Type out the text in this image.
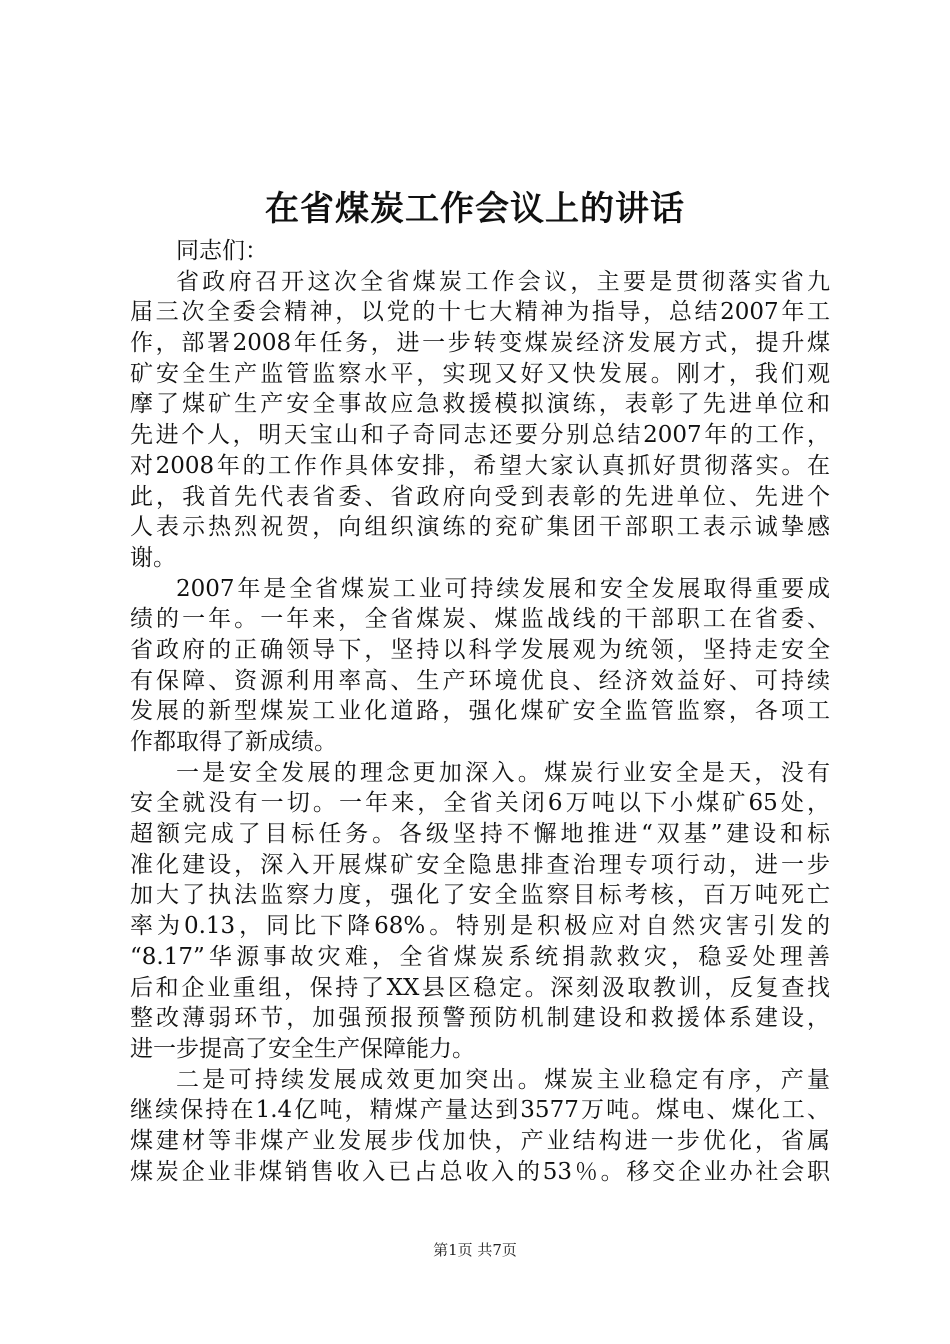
在省煤炭工作会议上的讲话
同志们：
省政府召开这次全省煤炭工作会议，主要是贯彻落实省九
届三次全委会精神，以党的十七大精神为指导，总结2007年工
作，部署2008年任务，进一步转变煤炭经济发展方式，提升煤
矿安全生产监管监察水平，实现又好又快发展。刚才，我们观
摩了煤矿生产安全事故应急救援模拟演练，表彰了先进单位和
先进个人，明天宝山和子奇同志还要分别总结2007年的工作，
对2008年的工作作具体安排，希望大家认真抓好贯彻落实。在
此，我首先代表省委、省政府向受到表彰的先进单位、先进个
人表示热烈祝贺，向组织演练的兖矿集团干部职工表示诚挚感
谢。
2007年是全省煤炭工业可持续发展和安全发展取得重要成
绩的一年。一年来，全省煤炭、煤监战线的干部职工在省委、
省政府的正确领导下，坚持以科学发展观为统领，坚持走安全
有保障、资源利用率高、生产环境优良、经济效益好、可持续
发展的新型煤炭工业化道路，强化煤矿安全监管监察，各项工
作都取得了新成绩。
一是安全发展的理念更加深入。煤炭行业安全是天，没有
安全就没有一切。一年来，全省关闭6万吨以下小煤矿65处，
超额完成了目标任务。各级坚持不懈地推进“双基”建设和标
准化建设，深入开展煤矿安全隐患排查治理专项行动，进一步
加大了执法监察力度，强化了安全监察目标考核，百万吨死亡
率为0.13，同比下降68%。特别是积极应对自然灾害引发的
“8.17”华源事故灾难，全省煤炭系统捐款救灾，稳妥处理善
后和企业重组，保持了XX县区稳定。深刻汲取教训，反复查找
整改薄弱环节，加强预报预警预防机制建设和救援体系建设，
进一步提高了安全生产保障能力。
二是可持续发展成效更加突出。煤炭主业稳定有序，产量
继续保持在1.4亿吨，精煤产量达到3577万吨。煤电、煤化工、
煤建材等非煤产业发展步伐加快，产业结构进一步优化，省属
煤炭企业非煤销售收入已占总收入的53％。移交企业办社会职
第1页 共7页
